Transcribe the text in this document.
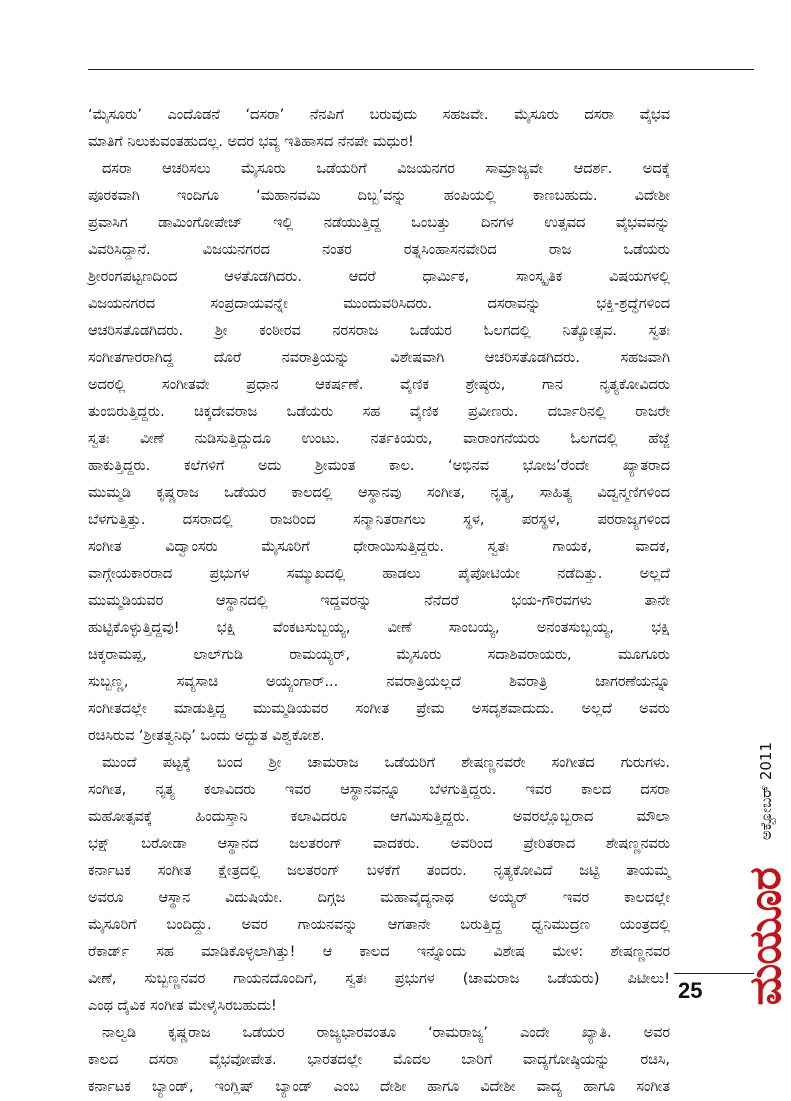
‘ಮೈಸೂರು’ ಎಂದೊಡನೆ ‘ದಸರಾ’ ನೆನಪಿಗೆ ಬರುವುದು ಸಹಜವೇ. ಮೈಸೂರು ದಸರಾ ವೈಭವ
ಮಾತಿಗೆ ನಿಲುಕುವಂತಹುದಲ್ಲ. ಅದರ ಭವ್ಯ ಇತಿಹಾಸದ ನೆನಪೇ ಮಧುರ!
ದಸರಾ ಆಚರಿಸಲು ಮೈಸೂರು ಒಡೆಯರಿಗೆ ವಿಜಯನಗರ ಸಾಮ್ರಾಜ್ಯವೇ ಆದರ್ಶ. ಅದಕ್ಕೆ
ಪೂರಕವಾಗಿ ಇಂದಿಗೂ ‘ಮಹಾನವಮಿ ದಿಬ್ಬ’ವನ್ನು ಹಂಪಿಯಲ್ಲಿ ಕಾಣಬಹುದು. ವಿದೇಶೀ
ಪ್ರವಾಸಿಗ ಡಾಮಿಂಗೋಪೇಜ್ ಇಲ್ಲಿ ನಡೆಯುತ್ತಿದ್ದ ಒಂಬತ್ತು ದಿನಗಳ ಉತ್ಸವದ ವೈಭವವನ್ನು
ವಿವರಿಸಿದ್ದಾನೆ. ವಿಜಯನಗರದ ನಂತರ ರತ್ನಸಿಂಹಾಸನವೇರಿದ ರಾಜ ಒಡೆಯರು
ಶ್ರೀರಂಗಪಟ್ಟಣದಿಂದ ಆಳತೊಡಗಿದರು. ಆದರೆ ಧಾರ್ಮಿಕ, ಸಾಂಸ್ಕೃತಿಕ ವಿಷಯಗಳಲ್ಲಿ
ವಿಜಯನಗರದ ಸಂಪ್ರದಾಯವನ್ನೇ ಮುಂದುವರಿಸಿದರು. ದಸರಾವನ್ನು ಭಕ್ತಿ-ಶ್ರದ್ಧೆಗಳಿಂದ
ಆಚರಿಸತೊಡಗಿದರು. ಶ್ರೀ ಕಂಠೀರವ ನರಸರಾಜ ಒಡೆಯರ ಓಲಗದಲ್ಲಿ ನಿತ್ಯೋತ್ಸವ. ಸ್ವತಃ
ಸಂಗೀತಗಾರರಾಗಿದ್ದ ದೊರೆ ನವರಾತ್ರಿಯನ್ನು ವಿಶೇಷವಾಗಿ ಆಚರಿಸತೊಡಗಿದರು. ಸಹಜವಾಗಿ
ಅದರಲ್ಲಿ ಸಂಗೀತವೇ ಪ್ರಧಾನ ಆಕರ್ಷಣೆ. ವೈಣಿಕ ಶ್ರೇಷ್ಠರು, ಗಾನ ನೃತ್ಯಕೋವಿದರು
ತುಂಬಿರುತ್ತಿದ್ದರು. ಚಿಕ್ಕದೇವರಾಜ ಒಡೆಯರು ಸಹ ವೈಣಿಕ ಪ್ರವೀಣರು. ದರ್ಬಾರಿನಲ್ಲಿ ರಾಜರೇ
ಸ್ವತಃ ವೀಣೆ ನುಡಿಸುತ್ತಿದ್ದುದೂ ಉಂಟು. ನರ್ತಕಿಯರು, ವಾರಾಂಗನೆಯರು ಓಲಗದಲ್ಲಿ ಹೆಜ್ಜೆ
ಹಾಕುತ್ತಿದ್ದರು. ಕಲೆಗಳಿಗೆ ಅದು ಶ್ರೀಮಂತ ಕಾಲ. ‘ಅಭಿನವ ಭೋಜ’ರೆಂದೇ ಖ್ಯಾತರಾದ
ಮುಮ್ಮಡಿ ಕೃಷ್ಣರಾಜ ಒಡೆಯರ ಕಾಲದಲ್ಲಿ ಆಸ್ಥಾನವು ಸಂಗೀತ, ನೃತ್ಯ, ಸಾಹಿತ್ಯ ವಿದ್ವನ್ಮಣಿಗಳಿಂದ
ಬೆಳಗುತ್ತಿತ್ತು. ದಸರಾದಲ್ಲಿ ರಾಜರಿಂದ ಸನ್ಮಾನಿತರಾಗಲು ಸ್ಥಳ, ಪರಸ್ಥಳ, ಪರರಾಜ್ಯಗಳಿಂದ
ಸಂಗೀತ ವಿದ್ವಾಂಸರು ಮೈಸೂರಿಗೆ ಧೇರಾಯಿಸುತ್ತಿದ್ದರು. ಸ್ವತಃ ಗಾಯಕ, ವಾದಕ,
ವಾಗ್ಗೇಯಕಾರರಾದ ಪ್ರಭುಗಳ ಸಮ್ಮುಖದಲ್ಲಿ ಹಾಡಲು ಪೈಪೋಟಿಯೇ ನಡೆದಿತ್ತು. ಅಲ್ಲದೆ
ಮುಮ್ಮಡಿಯವರ ಆಸ್ಥಾನದಲ್ಲಿ ಇದ್ದವರನ್ನು ನೆನೆದರೆ ಭಯ-ಗೌರವಗಳು ತಾನೇ
ಹುಟ್ಟಿಕೊಳ್ಳುತ್ತಿದ್ದವು! ಭಕ್ಷಿ ವೆಂಕಟಸುಬ್ಬಯ್ಯ, ವೀಣೆ ಸಾಂಬಯ್ಯ, ಅನಂತಸುಬ್ಬಯ್ಯ, ಭಕ್ಷಿ
ಚಿಕ್ಕರಾಮಪ್ಪ, ಲಾಲ್‌ಗುಡಿ ರಾಮಯ್ಯರ್, ಮೈಸೂರು ಸದಾಶಿವರಾಯರು, ಮೂಗೂರು
ಸುಬ್ಬಣ್ಣ, ಸವ್ಯಸಾಚಿ ಅಯ್ಯಂಗಾರ್... ನವರಾತ್ರಿಯಲ್ಲದೆ ಶಿವರಾತ್ರಿ ಜಾಗರಣೆಯನ್ನೂ
ಸಂಗೀತದಲ್ಲೇ ಮಾಡುತ್ತಿದ್ದ ಮುಮ್ಮಡಿಯವರ ಸಂಗೀತ ಪ್ರೇಮ ಅಸದೃಶವಾದುದು. ಅಲ್ಲದೆ ಅವರು
ರಚಿಸಿರುವ ‘ಶ್ರೀತತ್ವನಿಧಿ’ ಒಂದು ಅದ್ಭುತ ವಿಶ್ವಕೋಶ.
ಮುಂದೆ ಪಟ್ಟಕ್ಕೆ ಬಂದ ಶ್ರೀ ಚಾಮರಾಜ ಒಡೆಯರಿಗೆ ಶೇಷಣ್ಣನವರೇ ಸಂಗೀತದ ಗುರುಗಳು.
ಸಂಗೀತ, ನೃತ್ಯ ಕಲಾವಿದರು ಇವರ ಆಸ್ಥಾನವನ್ನೂ ಬೆಳಗುತ್ತಿದ್ದರು. ಇವರ ಕಾಲದ ದಸರಾ
ಮಹೋತ್ಸವಕ್ಕೆ ಹಿಂದುಸ್ತಾನಿ ಕಲಾವಿದರೂ ಆಗಮಿಸುತ್ತಿದ್ದರು. ಅವರಲ್ಲೊಬ್ಬರಾದ ಮೌಲಾ
ಭಕ್ಷ್ ಬರೋಡಾ ಆಸ್ಥಾನದ ಜಲತರಂಗ್ ವಾದಕರು. ಅವರಿಂದ ಪ್ರೇರಿತರಾದ ಶೇಷಣ್ಣನವರು
ಕರ್ನಾಟಕ ಸಂಗೀತ ಕ್ಷೇತ್ರದಲ್ಲಿ ಜಲತರಂಗ್ ಬಳಕೆಗೆ ತಂದರು. ನೃತ್ಯಕೋವಿದೆ ಜಟ್ಟಿ ತಾಯಮ್ಮ
ಅವರೂ ಆಸ್ಥಾನ ವಿದುಷಿಯೇ. ದಿಗ್ಗಜ ಮಹಾವೈದ್ಯನಾಥ ಅಯ್ಯರ್ ಇವರ ಕಾಲದಲ್ಲೇ
ಮೈಸೂರಿಗೆ ಬಂದಿದ್ದು. ಅವರ ಗಾಯನವನ್ನು ಆಗತಾನೇ ಬರುತ್ತಿದ್ದ ಧ್ವನಿಮುದ್ರಣ ಯಂತ್ರದಲ್ಲಿ
ರೆಕಾರ್ಡ್ ಸಹ ಮಾಡಿಕೊಳ್ಳಲಾಗಿತ್ತು! ಆ ಕಾಲದ ಇನ್ನೊಂದು ವಿಶೇಷ ಮೇಳ: ಶೇಷಣ್ಣನವರ
ವೀಣೆ, ಸುಬ್ಬಣ್ಣನವರ ಗಾಯನದೊಂದಿಗೆ, ಸ್ವತಃ ಪ್ರಭುಗಳ (ಚಾಮರಾಜ ಒಡೆಯರು) ಪಿಟೀಲು!
ಎಂಥ ದೈವಿಕ ಸಂಗೀತ ಮೇಳೈಸಿರಬಹುದು!
ನಾಲ್ವಡಿ ಕೃಷ್ಣರಾಜ ಒಡೆಯರ ರಾಜ್ಯಭಾರವಂತೂ ‘ರಾಮರಾಜ್ಯ’ ಎಂದೇ ಖ್ಯಾತಿ. ಅವರ
ಕಾಲದ ದಸರಾ ವೈಭವೋಪೇತ. ಭಾರತದಲ್ಲೇ ಮೊದಲ ಬಾರಿಗೆ ವಾದ್ಯಗೋಷ್ಠಿಯನ್ನು ರಚಿಸಿ,
ಕರ್ನಾಟಕ ಬ್ಯಾಂಡ್, ಇಂಗ್ಲಿಷ್ ಬ್ಯಾಂಡ್ ಎಂಬ ದೇಶೀ ಹಾಗೂ ವಿದೇಶೀ ವಾದ್ಯ ಹಾಗೂ ಸಂಗೀತ
ಮಯೂರ
ಅಕ್ಟೋಬರ್ 2011
25
